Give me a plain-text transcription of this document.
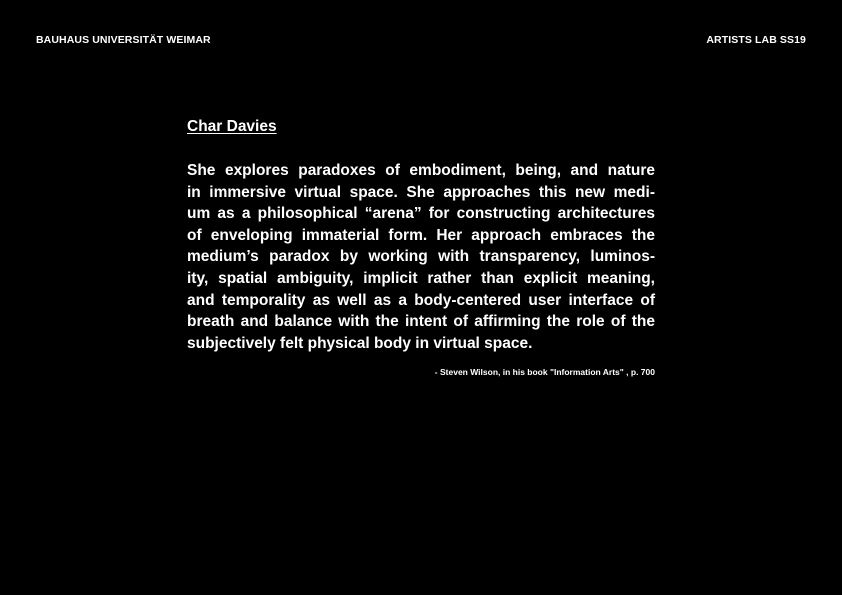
BAUHAUS UNIVERSITÄT WEIMAR	ARTISTS LAB SS19
Char Davies
She explores paradoxes of embodiment, being, and nature
in immersive virtual space. She approaches this new medi-
um as a philosophical “arena” for constructing architectures
of enveloping immaterial form. Her approach embraces the
medium’s paradox by working with transparency, luminos-
ity, spatial ambiguity, implicit rather than explicit meaning,
and temporality as well as a body-centered user interface of
breath and balance with the intent of affirming the role of the
subjectively felt physical body in virtual space.
- Steven Wilson, in his book "Information Arts" , p. 700
